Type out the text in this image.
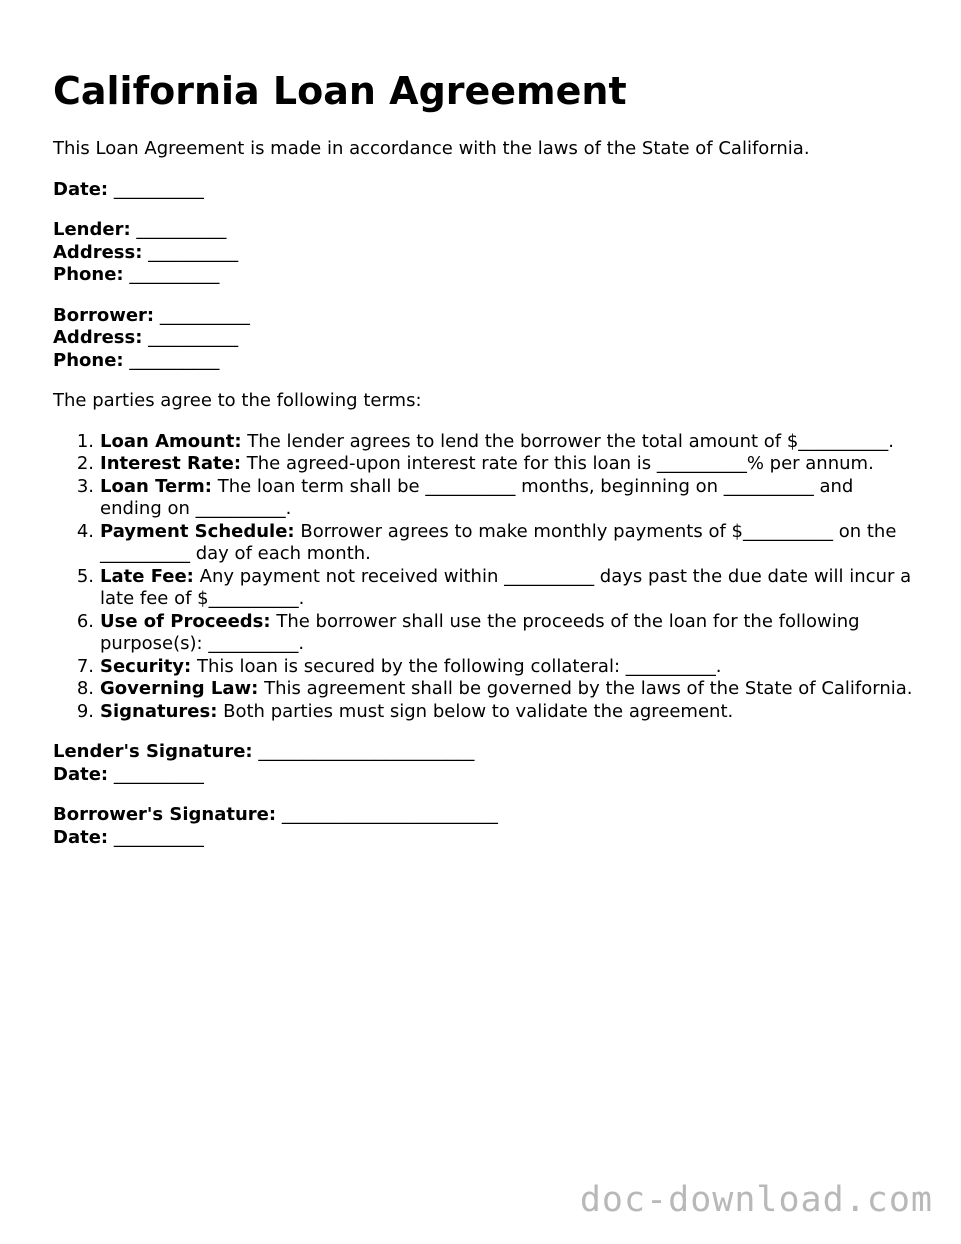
California Loan Agreement

This Loan Agreement is made in accordance with the laws of the State of California.

Date: __________
Lender: __________
Address: __________
Phone: __________
Borrower: __________
Address: __________
Phone: __________

The parties agree to the following terms:

1. Loan Amount: The lender agrees to lend the borrower the total amount of $__________.
2. Interest Rate: The agreed-upon interest rate for this loan is __________% per annum.
3. Loan Term: The loan term shall be __________ months, beginning on __________ and ending on __________.
4. Payment Schedule: Borrower agrees to make monthly payments of $__________ on the __________ day of each month.
5. Late Fee: Any payment not received within __________ days past the due date will incur a late fee of $__________.
6. Use of Proceeds: The borrower shall use the proceeds of the loan for the following purpose(s): __________.
7. Security: This loan is secured by the following collateral: __________.
8. Governing Law: This agreement shall be governed by the laws of the State of California.
9. Signatures: Both parties must sign below to validate the agreement.
Lender's Signature: ________________________
Date: __________
Borrower's Signature: ________________________
Date: __________
doc-download.com
